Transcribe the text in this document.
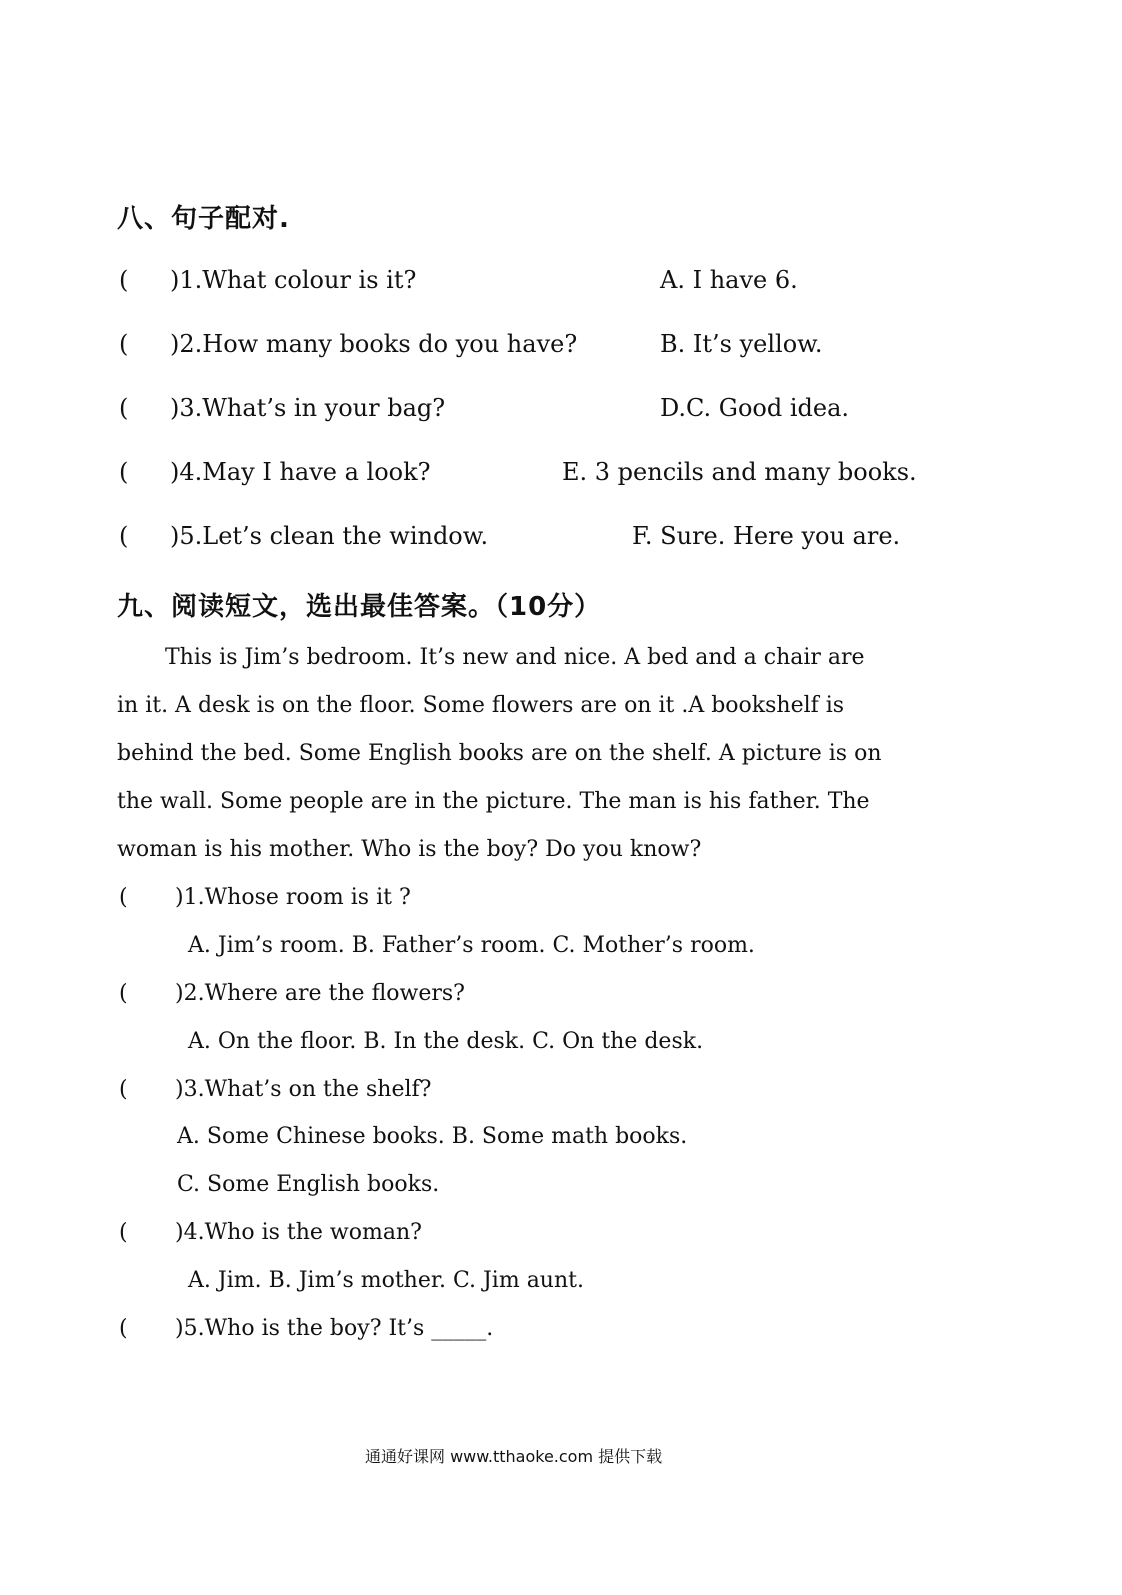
八、句子配对.
( )1.What colour is it?	A. I have 6.
( )2.How many books do you have?	B. It’s yellow.
( )3.What’s in your bag?	D.C. Good idea.
( )4.May I have a look?	E. 3 pencils and many books.
( )5.Let’s clean the window.	F. Sure. Here you are.
九、阅读短文，选出最佳答案。（10分）
This is Jim’s bedroom. It’s new and nice. A bed and a chair are
in it. A desk is on the floor. Some flowers are on it .A bookshelf is
behind the bed. Some English books are on the shelf. A picture is on
the wall. Some people are in the picture. The man is his father. The
woman is his mother. Who is the boy? Do you know?
( )1.Whose room is it ?
A. Jim’s room. B. Father’s room. C. Mother’s room.
( )2.Where are the flowers?
A. On the floor. B. In the desk. C. On the desk.
( )3.What’s on the shelf?
A. Some Chinese books. B. Some math books.
C. Some English books.
( )4.Who is the woman?
A. Jim. B. Jim’s mother. C. Jim aunt.
( )5.Who is the boy? It’s _____.
通通好课网 www.tthaoke.com 提供下载
